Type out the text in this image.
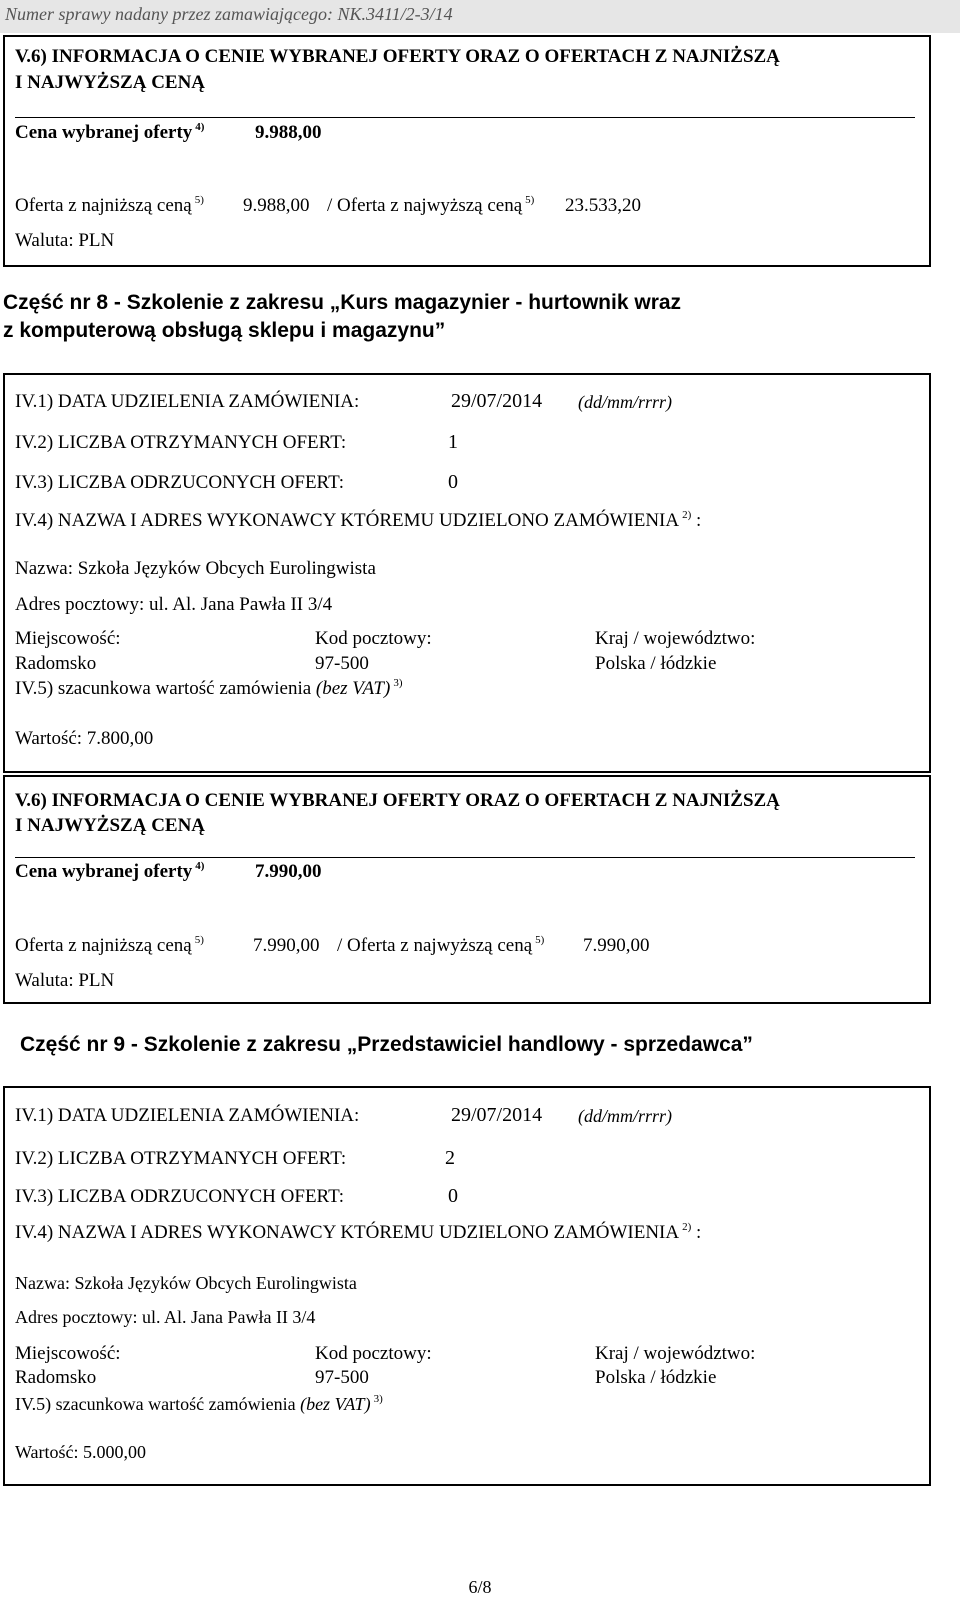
Numer sprawy nadany przez zamawiającego: NK.3411/2-3/14
V.6) INFORMACJA O CENIE WYBRANEJ OFERTY ORAZ O OFERTACH Z NAJNIŻSZĄ
I NAJWYŻSZĄ CENĄ
Cena wybranej oferty $^{4)}$	9.988,00
Oferta z najniższą ceną $^{5)}$ 9.988,00 / Oferta z najwyższą ceną $^{5)}$ 23.533,20
Waluta: PLN
Część nr 8 - Szkolenie z zakresu „Kurs magazynier - hurtownik wraz
z komputerową obsługą sklepu i magazynu”
IV.1) DATA UDZIELENIA ZAMÓWIENIA:	29/07/2014 (dd/mm/rrrr)
IV.2) LICZBA OTRZYMANYCH OFERT:	1
IV.3) LICZBA ODRZUCONYCH OFERT:	0
IV.4) NAZWA I ADRES WYKONAWCY KTÓREMU UDZIELONO ZAMÓWIENIA $^{2)}$ :
Nazwa: Szkoła Języków Obcych Eurolingwista
Adres pocztowy: ul. Al. Jana Pawła II 3/4
Miejscowość:
Radomsko
Kod pocztowy:
97-500
Kraj / województwo:
Polska / łódzkie
IV.5) szacunkowa wartość zamówienia (bez VAT) $^{3)}$
Wartość: 7.800,00
V.6) INFORMACJA O CENIE WYBRANEJ OFERTY ORAZ O OFERTACH Z NAJNIŻSZĄ
I NAJWYŻSZĄ CENĄ
Cena wybranej oferty $^{4)}$	7.990,00
Oferta z najniższą ceną $^{5)}$	7.990,00 / Oferta z najwyższą ceną $^{5)}$ 7.990,00
Waluta: PLN
Część nr 9 - Szkolenie z zakresu „Przedstawiciel handlowy - sprzedawca”
IV.1) DATA UDZIELENIA ZAMÓWIENIA:	29/07/2014 (dd/mm/rrrr)
IV.2) LICZBA OTRZYMANYCH OFERT:	2
IV.3) LICZBA ODRZUCONYCH OFERT:	0
IV.4) NAZWA I ADRES WYKONAWCY KTÓREMU UDZIELONO ZAMÓWIENIA $^{2)}$ :
Nazwa: Szkoła Języków Obcych Eurolingwista
Adres pocztowy: ul. Al. Jana Pawła II 3/4
Miejscowość:
Radomsko
Kod pocztowy:
97-500
Kraj / województwo:
Polska / łódzkie
IV.5) szacunkowa wartość zamówienia (bez VAT) $^{3)}$
Wartość: 5.000,00
6/8
